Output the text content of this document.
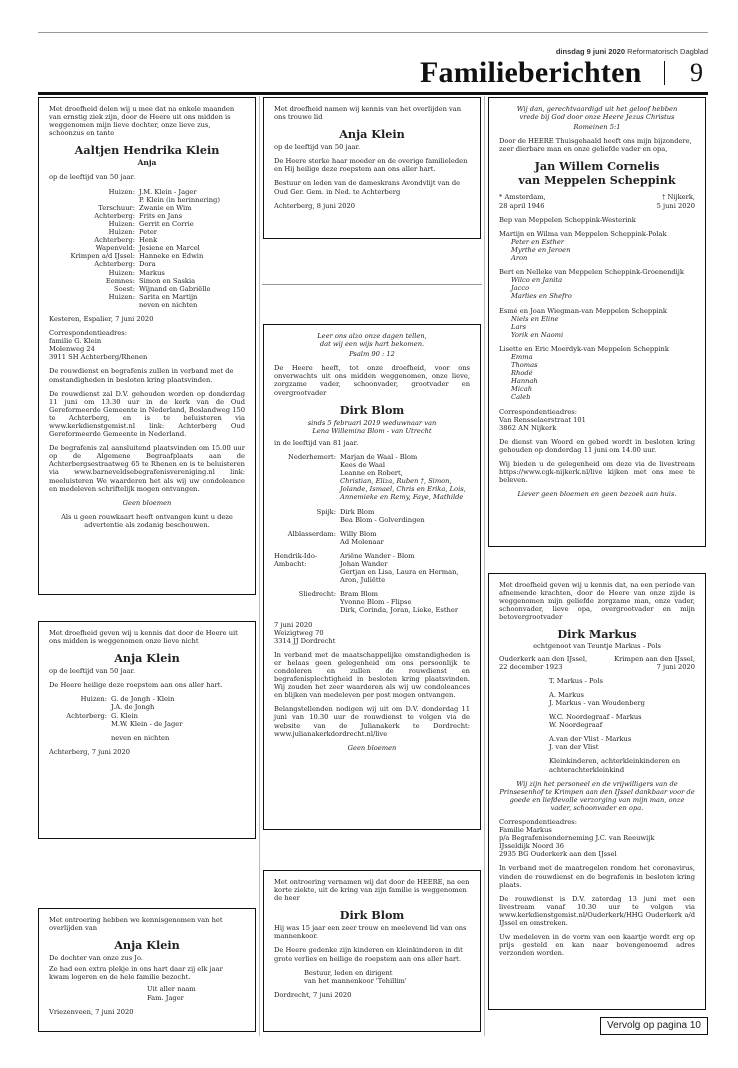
dinsdag 9 juni 2020 Reformatorisch Dagblad
Familieberichten 9

Met droefheid delen wij u mee dat na enkele maanden van ernstig ziek zijn, door de Heere uit ons midden is weggenomen mijn lieve dochter, onze lieve zus, schoonzus en tante

Aaltjen Hendrika Klein
Anja

op de leeftijd van 50 jaar.

Huizen: J.M. Klein - Jager
P. Klein (in herinnering)
Terschuur: Zwanie en Wim
Achterberg: Frits en Jans
Huizen: Gerrit en Corrie
Huizen: Peter
Achterberg: Henk
Wapenveld: Jesiene en Marcel
Krimpen a/d IJssel: Hanneke en Edwin
Achterberg: Dora
Huizen: Markus
Eemnes: Simon en Saskia
Soest: Wijnand en Gabriëlle
Huizen: Sarita en Martijn
neven en nichten

Kesteren, Espalier, 7 juni 2020

Correspondentieadres:
familie G. Klein
Molenweg 24
3911 SH Achterberg/Rhenen

De rouwdienst en begrafenis zullen in verband met de omstandigheden in besloten kring plaatsvinden.

De rouwdienst zal D.V. gehouden worden op donderdag 11 juni om 13.30 uur in de kerk van de Oud Gereformeerde Gemeente in Nederland, Boslandweg 150 te Achterberg, en is te beluisteren via www.kerkdienstgemist.nl link: Achterberg Oud Gereformeerde Gemeente in Nederland.

De begrafenis zal aansluitend plaatsvinden om 15.00 uur op de Algemene Begraafplaats aan de Achterbergsestraatweg 65 te Rhenen en is te beluisteren via www.barneveldsebegrafenisvereniging.nl link: meeluisteren We waarderen het als wij uw condoleance en medeleven schriftelijk mogen ontvangen.

Geen bloemen

Als u geen rouwkaart heeft ontvangen kunt u deze advertentie als zodanig beschouwen.

Met droefheid geven wij u kennis dat door de Heere uit ons midden is weggenomen onze lieve nicht

Anja Klein

op de leeftijd van 50 jaar.

De Heere heilige deze roepstem aan ons aller hart.

Huizen: G. de Jongh - Klein
J.A. de Jongh
Achterberg: G. Klein
M.W. Klein - de Jager

neven en nichten

Achterberg, 7 juni 2020

Met ontroering hebben we kennisgenomen van het overlijden van

Anja Klein

De dochter van onze zus Jo.

Ze had een extra plekje in ons hart daar zij elk jaar kwam logeren en de hele familie bezocht.

Uit aller naam
Fam. Jager

Vriezenveen, 7 juni 2020

Met droefheid namen wij kennis van het overlijden van ons trouwe lid

Anja Klein

op de leeftijd van 50 jaar.

De Heere sterke haar moeder en de overige familieleden en Hij heilige deze roepstem aan ons aller hart.

Bestuur en leden van de dameskrans Avondvlijt van de Oud Ger. Gem. in Ned. te Achterberg

Achterberg, 8 juni 2020

Leer ons alzo onze dagen tellen,
dat wij een wijs hart bekomen.

Psalm 90 : 12

De Heere heeft, tot onze droefheid, voor ons onverwachts uit ons midden weggenomen, onze lieve, zorgzame vader, schoonvader, grootvader en overgrootvader

Dirk Blom

sinds 5 februari 2019 weduwnaar van
Lena Willemina Blom - van Utrecht

in de leeftijd van 81 jaar.

Nederhemert: Marjan de Waal - Blom
Kees de Waal
Leanne en Robert,
Christian, Eliza, Ruben †, Simon,
Jolande, Ismael, Chris en Erika, Lois,
Annemieke en Remy, Faye, Mathilde
Spijk: Dirk Blom
Bea Blom - Golverdingen
Alblasserdam: Willy Blom
Ad Molenaar
Hendrik-Ido-
Ambacht:
Ariëne Wander - Blom
Johan Wander
Gertjan en Lisa, Laura en Herman,
Aron, Juliëtte
Sliedrecht: Bram Blom
Yvonne Blom - Flipse
Dirk, Corinda, Joran, Lieke, Esther

7 juni 2020
Weizigtweg 70
3314 JJ Dordrecht

In verband met de maatschappelijke omstandigheden is er helaas geen gelegenheid om ons persoonlijk te condoleren en zullen de rouwdienst en begrafenisplechtigheid in besloten kring plaatsvinden. Wij zouden het zeer waarderen als wij uw condoleances en blijken van medeleven per post mogen ontvangen.

Belangstellenden nodigen wij uit om D.V. donderdag 11 juni van 10.30 uur de rouwdienst te volgen via de website van de Julianakerk te Dordrecht: www.julianakerkdordrecht.nl/live

Geen bloemen

Met ontroering vernamen wij dat door de HEERE, na een korte ziekte, uit de kring van zijn familie is weggenomen de heer

Dirk Blom

Hij was 15 jaar een zeer trouw en meelevend lid van ons mannenkoor.

De Heere gedenke zijn kinderen en kleinkinderen in dit grote verlies en heilige de roepstem aan ons aller hart.

Bestuur, leden en dirigent
van het mannenkoor 'Tehillim'

Dordrecht, 7 juni 2020

Wij dan, gerechtvaardigd uit het geloof hebben
vrede bij God door onze Heere Jezus Christus

Romeinen 5:1

Door de HEERE Thuisgehaald heeft ons mijn bijzondere, zeer dierbare man en onze geliefde vader en opa,

Jan Willem Cornelis
van Meppelen Scheppink
* Amsterdam,
28 april 1946
† Nijkerk,
5 juni 2020

Bep van Meppelen Scheppink-Westerink

Martijn en Wilma van Meppelen Scheppink-Polak
Peter en Esther
Myrthe en Jeroen
Aron

Bert en Nelleke van Meppelen Scheppink-Groenendijk
Wilco en Janita
Jacco
Marlies en Shefro

Esmé en Joan Wiegman-van Meppelen Scheppink
Niels en Eline
Lars
Yorik en Naomi

Lisette en Eric Moerdyk-van Meppelen Scheppink
Emma
Thomas
Rhodé
Hannah
Micah
Caleb

Correspondentieadres:
Van Rensselaerstraat 101
3862 AN Nijkerk

De dienst van Woord en gebed wordt in besloten kring gehouden op donderdag 11 juni om 14.00 uur.

Wij bieden u de gelegenheid om deze via de livestream https://www.cgk-nijkerk.nl/live kijken met ons mee te beleven.

Liever geen bloemen en geen bezoek aan huis.

Met droefheid geven wij u kennis dat, na een periode van afnemende krachten, door de Heere van onze zijde is weggenomen mijn geliefde zorgzame man, onze vader, schoonvader, lieve opa, overgrootvader en mijn betovergrootvader

Dirk Markus

echtgenoot van Teuntje Markus - Pols

Ouderkerk aan den IJssel,
22 december 1923
Krimpen aan den IJssel,
7 juni 2020

T. Markus - Pols

A. Markus
J. Markus - van Woudenberg

W.C. Noordegraaf - Markus
W. Noordegraaf

A.van der Vlist - Markus
J. van der Vlist

Kleinkinderen, achterkleinkinderen en
achterachterkleinkind

Wij zijn het personeel en de vrijwilligers van de Prinsesenhof te Krimpen aan den IJssel dankbaar voor de goede en liefdevolle verzorging van mijn man, onze vader, schoonvader en opa.

Correspondentieadres:
Familie Markus
p/a Begrafenisonderneming J.C. van Reeuwijk
IJsseldijk Noord 36
2935 BG Ouderkerk aan den IJssel

In verband met de maatregelen rondom het coronavirus, vinden de rouwdienst en de begrafenis in besloten kring plaats.

De rouwdienst is D.V. zaterdag 13 juni met een livestream vanaf 10.30 uur te volgen via www.kerkdienstgemist.nl/Ouderkerk/HHG Ouderkerk a/d IJssel en omstreken.

Uw medeleven in de vorm van een kaartje wordt erg op prijs gesteld en kan naar bovengenoemd adres verzonden worden.

Vervolg op pagina 10
